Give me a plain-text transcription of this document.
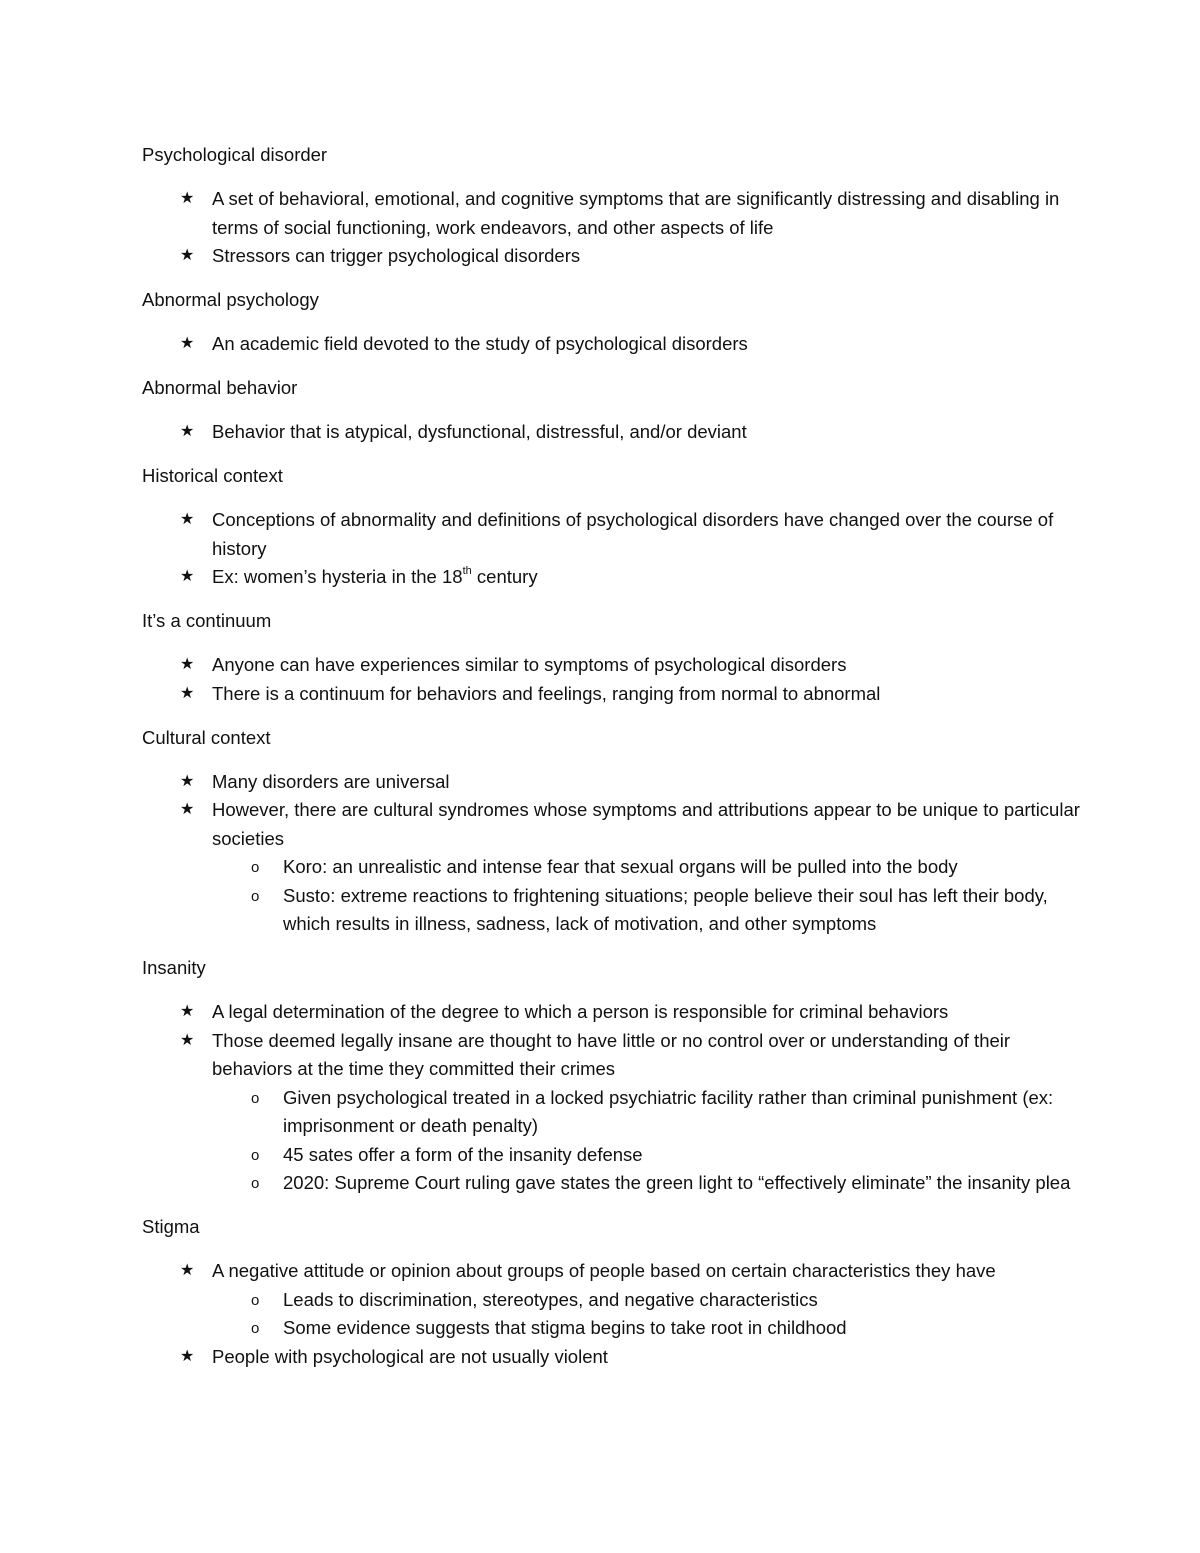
Psychological disorder

★ A set of behavioral, emotional, and cognitive symptoms that are significantly distressing and disabling in terms of social functioning, work endeavors, and other aspects of life
★ Stressors can trigger psychological disorders

Abnormal psychology

★ An academic field devoted to the study of psychological disorders

Abnormal behavior

★ Behavior that is atypical, dysfunctional, distressful, and/or deviant

Historical context

★ Conceptions of abnormality and definitions of psychological disorders have changed over the course of history
★ Ex: women’s hysteria in the 18th century

It’s a continuum

★ Anyone can have experiences similar to symptoms of psychological disorders
★ There is a continuum for behaviors and feelings, ranging from normal to abnormal

Cultural context

★ Many disorders are universal
★ However, there are cultural syndromes whose symptoms and attributions appear to be unique to particular societies
o Koro: an unrealistic and intense fear that sexual organs will be pulled into the body
o Susto: extreme reactions to frightening situations; people believe their soul has left their body, which results in illness, sadness, lack of motivation, and other symptoms

Insanity

★ A legal determination of the degree to which a person is responsible for criminal behaviors
★ Those deemed legally insane are thought to have little or no control over or understanding of their behaviors at the time they committed their crimes
o Given psychological treated in a locked psychiatric facility rather than criminal punishment (ex: imprisonment or death penalty)
o 45 sates offer a form of the insanity defense
o 2020: Supreme Court ruling gave states the green light to “effectively eliminate” the insanity plea

Stigma

★ A negative attitude or opinion about groups of people based on certain characteristics they have
o Leads to discrimination, stereotypes, and negative characteristics
o Some evidence suggests that stigma begins to take root in childhood
★ People with psychological are not usually violent
